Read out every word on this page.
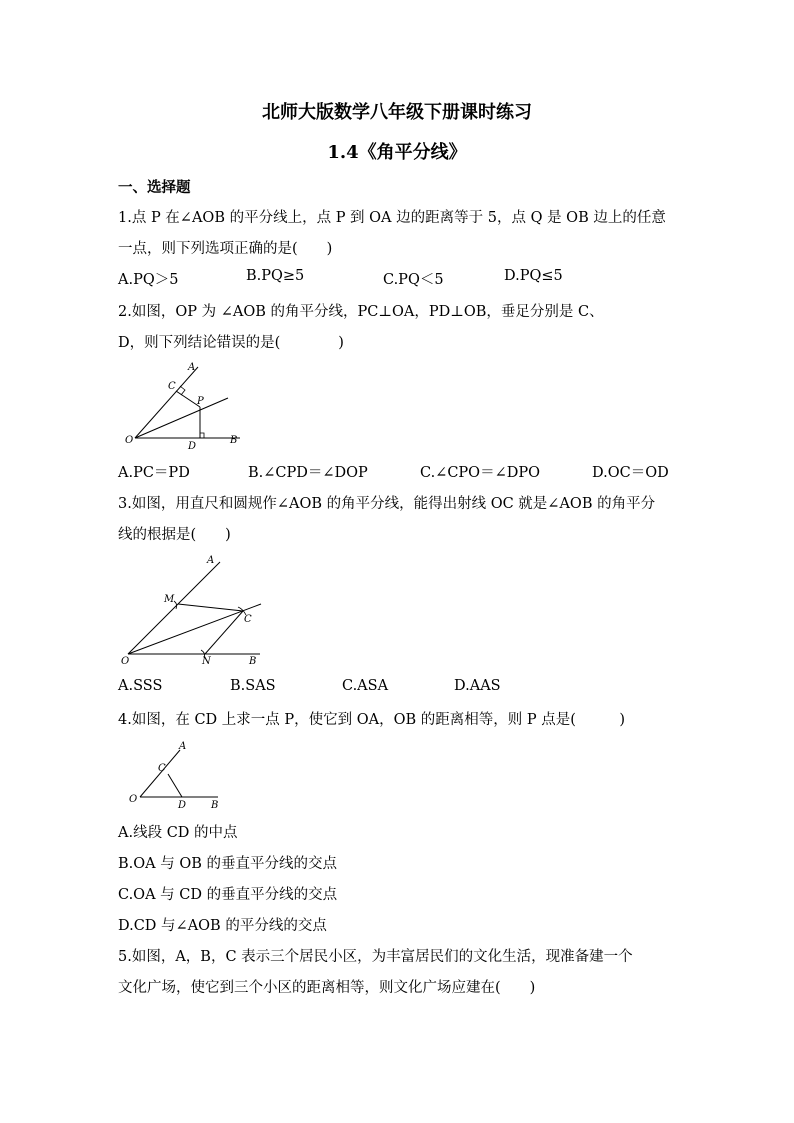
北师大版数学八年级下册课时练习
1.4《角平分线》
一、选择题
1.点 P 在∠AOB 的平分线上，点 P 到 OA 边的距离等于 5，点 Q 是 OB 边上的任意
一点，则下列选项正确的是(　　)
A.PQ＞5	B.PQ≥5	C.PQ＜5	D.PQ≤5
2.如图，OP 为 ∠AOB 的角平分线，PC⊥OA，PD⊥OB，垂足分别是 C、
D，则下列结论错误的是(　　　　)
A
C
P
O
D
B
A.PC＝PD	B.∠CPD＝∠DOP	C.∠CPO＝∠DPO	D.OC＝OD
3.如图，用直尺和圆规作∠AOB 的角平分线，能得出射线 OC 就是∠AOB 的角平分
线的根据是(　　)
A
M
C
O	N	B
A.SSS	B.SAS	C.ASA	D.AAS
4.如图，在 CD 上求一点 P，使它到 OA，OB 的距离相等，则 P 点是(　　　)
A
C
O
D B
A.线段 CD 的中点
B.OA 与 OB 的垂直平分线的交点
C.OA 与 CD 的垂直平分线的交点
D.CD 与∠AOB 的平分线的交点
5.如图，A，B，C 表示三个居民小区，为丰富居民们的文化生活，现准备建一个
文化广场，使它到三个小区的距离相等，则文化广场应建在(　　)
